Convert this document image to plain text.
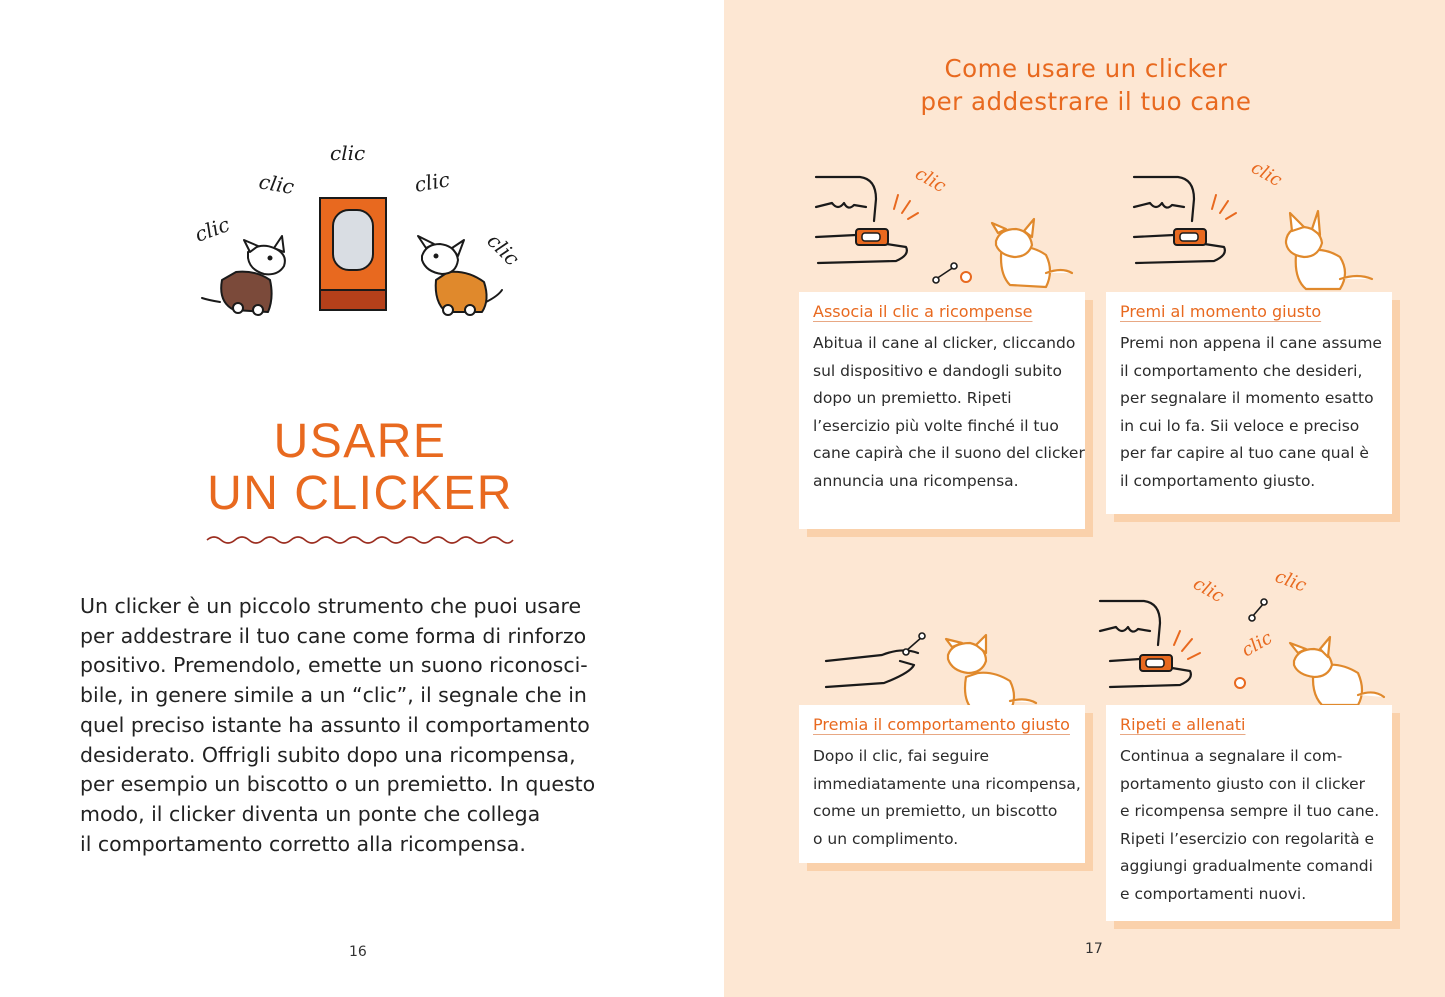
clic
clic
clic
clic
clic
USARE
UN CLICKER

Un clicker è un piccolo strumento che puoi usare
per addestrare il tuo cane come forma di rinforzo
positivo. Premendolo, emette un suono riconosci-
bile, in genere simile a un “clic”, il segnale che in
quel preciso istante ha assunto il comportamento
desiderato. Offrigli subito dopo una ricompensa,
per esempio un biscotto o un premietto. In questo
modo, il clicker diventa un ponte che collega
il comportamento corretto alla ricompensa.

16
Come usare un clicker
per addestrare il tuo cane
clic	clic
clic clic
clic
Associa il clic a ricompense

Abitua il cane al clicker, cliccando
sul dispositivo e dandogli subito
dopo un premietto. Ripeti
l’esercizio più volte finché il tuo
cane capirà che il suono del clicker
annuncia una ricompensa.

Premi al momento giusto

Premi non appena il cane assume
il comportamento che desideri,
per segnalare il momento esatto
in cui lo fa. Sii veloce e preciso
per far capire al tuo cane qual è
il comportamento giusto.

Premia il comportamento giusto

Dopo il clic, fai seguire
immediatamente una ricompensa,
come un premietto, un biscotto
o un complimento.

Ripeti e allenati

Continua a segnalare il com-
portamento giusto con il clicker
e ricompensa sempre il tuo cane.
Ripeti l’esercizio con regolarità e
aggiungi gradualmente comandi
e comportamenti nuovi.

17
